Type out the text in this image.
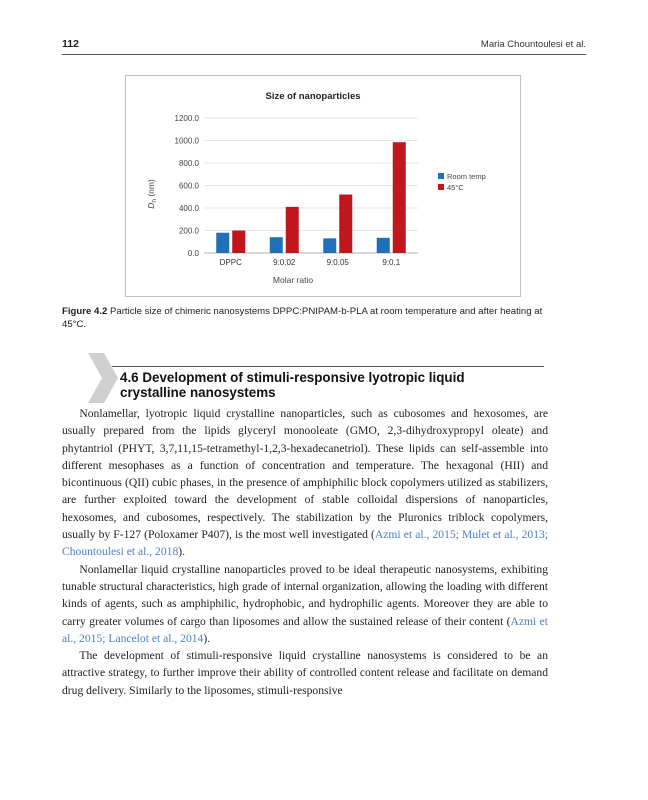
112	Maria Chountoulesi et al.
Size of nanoparticles
0.0
200.0
400.0
600.0
800.0
1000.0
1200.0
DPPC	9:0.02	9:0.05	9:0.1
Molar ratio
$D_h$ (nm)
Room temp
45°C
Figure 4.2 Particle size of chimeric nanosystems DPPC:PNIPAM-b-PLA at room temperature and after heating at 45°C.
4.6 Development of stimuli-responsive lyotropic liquid crystalline nanosystems

Nonlamellar, lyotropic liquid crystalline nanoparticles, such as cubosomes and hexosomes, are usually prepared from the lipids glyceryl monooleate (GMO, 2,3-dihydroxypropyl oleate) and phytantriol (PHYT, 3,7,11,15-tetramethyl-1,2,3-hexadecanetriol). These lipids can self-assemble into different mesophases as a function of concentration and temperature. The hexagonal (HII) and bicontinuous (QII) cubic phases, in the presence of amphiphilic block copolymers utilized as stabilizers, are further exploited toward the development of stable colloidal dispersions of nanoparticles, hexosomes, and cubosomes, respectively. The stabilization by the Pluronics triblock copolymers, usually by F-127 (Poloxamer P407), is the most well investigated (Azmi et al., 2015; Mulet et al., 2013; Chountoulesi et al., 2018).

Nonlamellar liquid crystalline nanoparticles proved to be ideal therapeutic nanosystems, exhibiting tunable structural characteristics, high grade of internal organization, allowing the loading with different kinds of agents, such as amphiphilic, hydrophobic, and hydrophilic agents. Moreover they are able to carry greater volumes of cargo than liposomes and allow the sustained release of their content (Azmi et al., 2015; Lancelot et al., 2014).

The development of stimuli-responsive liquid crystalline nanosystems is considered to be an attractive strategy, to further improve their ability of controlled content release and facilitate on demand drug delivery. Similarly to the liposomes, stimuli-responsive
